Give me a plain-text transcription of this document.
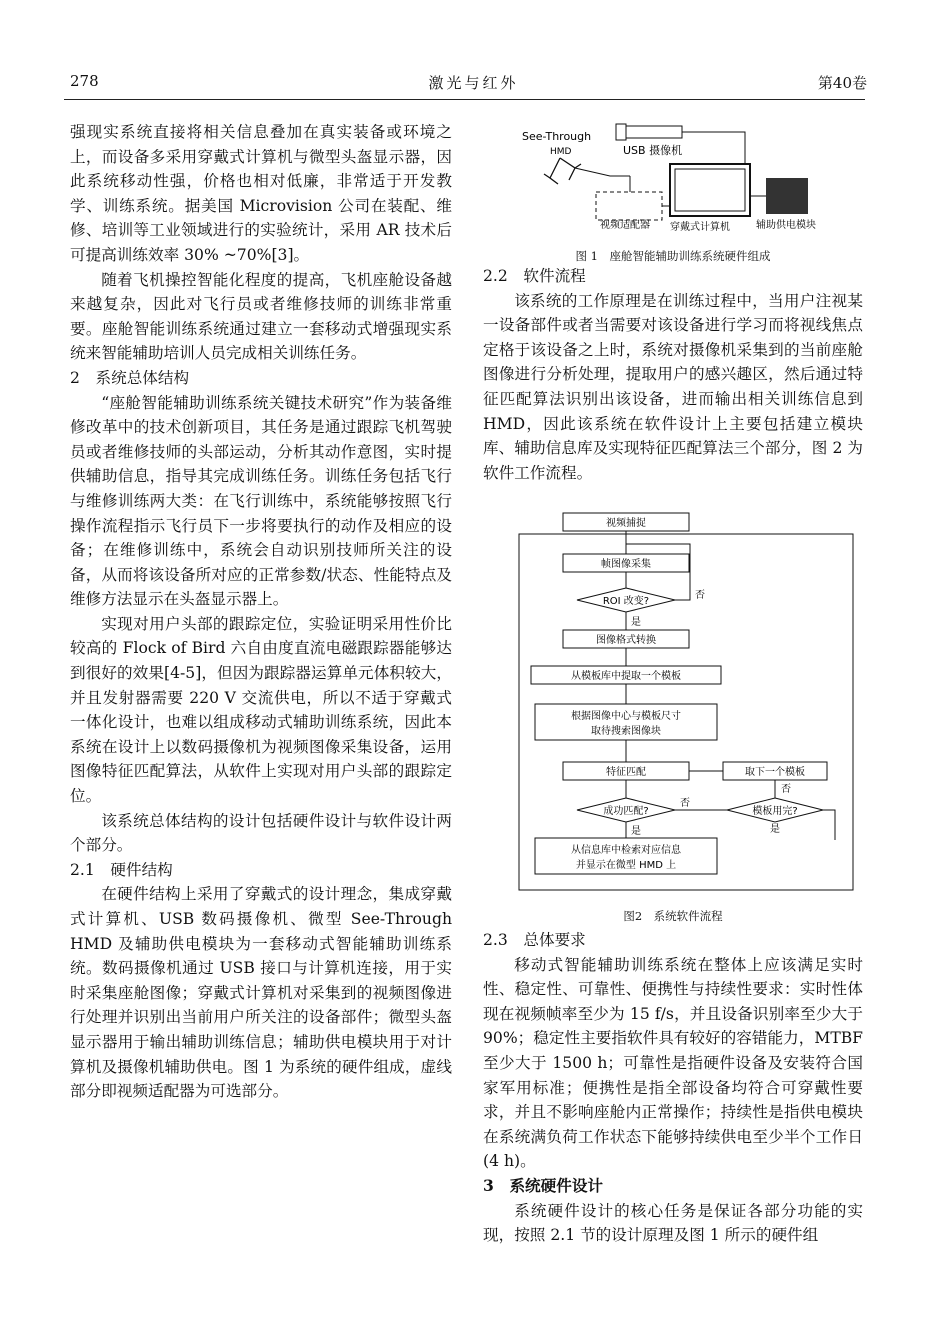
278	激光与红外	第40卷

强现实系统直接将相关信息叠加在真实装备或环境之上，而设备多采用穿戴式计算机与微型头盔显示器，因此系统移动性强，价格也相对低廉，非常适于开发教学、训练系统。据美国 Microvision 公司在装配、维修、培训等工业领域进行的实验统计，采用 AR 技术后可提高训练效率 30% ~70%[3]。

随着飞机操控智能化程度的提高，飞机座舱设备越来越复杂，因此对飞行员或者维修技师的训练非常重要。座舱智能训练系统通过建立一套移动式增强现实系统来智能辅助培训人员完成相关训练任务。

2　系统总体结构

“座舱智能辅助训练系统关键技术研究”作为装备维修改革中的技术创新项目，其任务是通过跟踪飞机驾驶员或者维修技师的头部运动，分析其动作意图，实时提供辅助信息，指导其完成训练任务。训练任务包括飞行与维修训练两大类：在飞行训练中，系统能够按照飞行操作流程指示飞行员下一步将要执行的动作及相应的设备；在维修训练中，系统会自动识别技师所关注的设备，从而将该设备所对应的正常参数/状态、性能特点及维修方法显示在头盔显示器上。

实现对用户头部的跟踪定位，实验证明采用性价比较高的 Flock of Bird 六自由度直流电磁跟踪器能够达到很好的效果[4-5]，但因为跟踪器运算单元体积较大，并且发射器需要 220 V 交流供电，所以不适于穿戴式一体化设计，也难以组成移动式辅助训练系统，因此本系统在设计上以数码摄像机为视频图像采集设备，运用图像特征匹配算法，从软件上实现对用户头部的跟踪定位。

该系统总体结构的设计包括硬件设计与软件设计两个部分。

2.1　硬件结构

在硬件结构上采用了穿戴式的设计理念，集成穿戴式计算机、USB 数码摄像机、微型 See-Through HMD 及辅助供电模块为一套移动式智能辅助训练系统。数码摄像机通过 USB 接口与计算机连接，用于实时采集座舱图像；穿戴式计算机对采集到的视频图像进行处理并识别出当前用户所关注的设备部件；微型头盔显示器用于输出辅助训练信息；辅助供电模块用于对计算机及摄像机辅助供电。图 1 为系统的硬件组成，虚线部分即视频适配器为可选部分。

See-Through
HMD	USB 摄像机
视频适配器 穿戴式计算机	辅助供电模块
图 1　座舱智能辅助训练系统硬件组成

2.2　软件流程

该系统的工作原理是在训练过程中，当用户注视某一设备部件或者当需要对该设备进行学习而将视线焦点定格于该设备之上时，系统对摄像机采集到的当前座舱图像进行分析处理，提取用户的感兴趣区，然后通过特征匹配算法识别出该设备，进而输出相关训练信息到 HMD，因此该系统在软件设计上主要包括建立模块库、辅助信息库及实现特征匹配算法三个部分，图 2 为软件工作流程。

视频捕捉
帧图像采集
ROI 改变?
否
是
图像格式转换
从模板库中提取一个模板
根据图像中心与模板尺寸
取待搜索图像块
特征匹配
成功匹配?
否
模板用完?
否
取下一个模板
是
是
从信息库中检索对应信息
并显示在微型 HMD 上
图2　系统软件流程

2.3　总体要求

移动式智能辅助训练系统在整体上应该满足实时性、稳定性、可靠性、便携性与持续性要求：实时性体现在视频帧率至少为 15 f/s，并且设备识别率至少大于 90%；稳定性主要指软件具有较好的容错能力，MTBF 至少大于 1500 h；可靠性是指硬件设备及安装符合国家军用标准；便携性是指全部设备均符合可穿戴性要求，并且不影响座舱内正常操作；持续性是指供电模块在系统满负荷工作状态下能够持续供电至少半个工作日(4 h)。

3　系统硬件设计

系统硬件设计的核心任务是保证各部分功能的实现，按照 2.1 节的设计原理及图 1 所示的硬件组
